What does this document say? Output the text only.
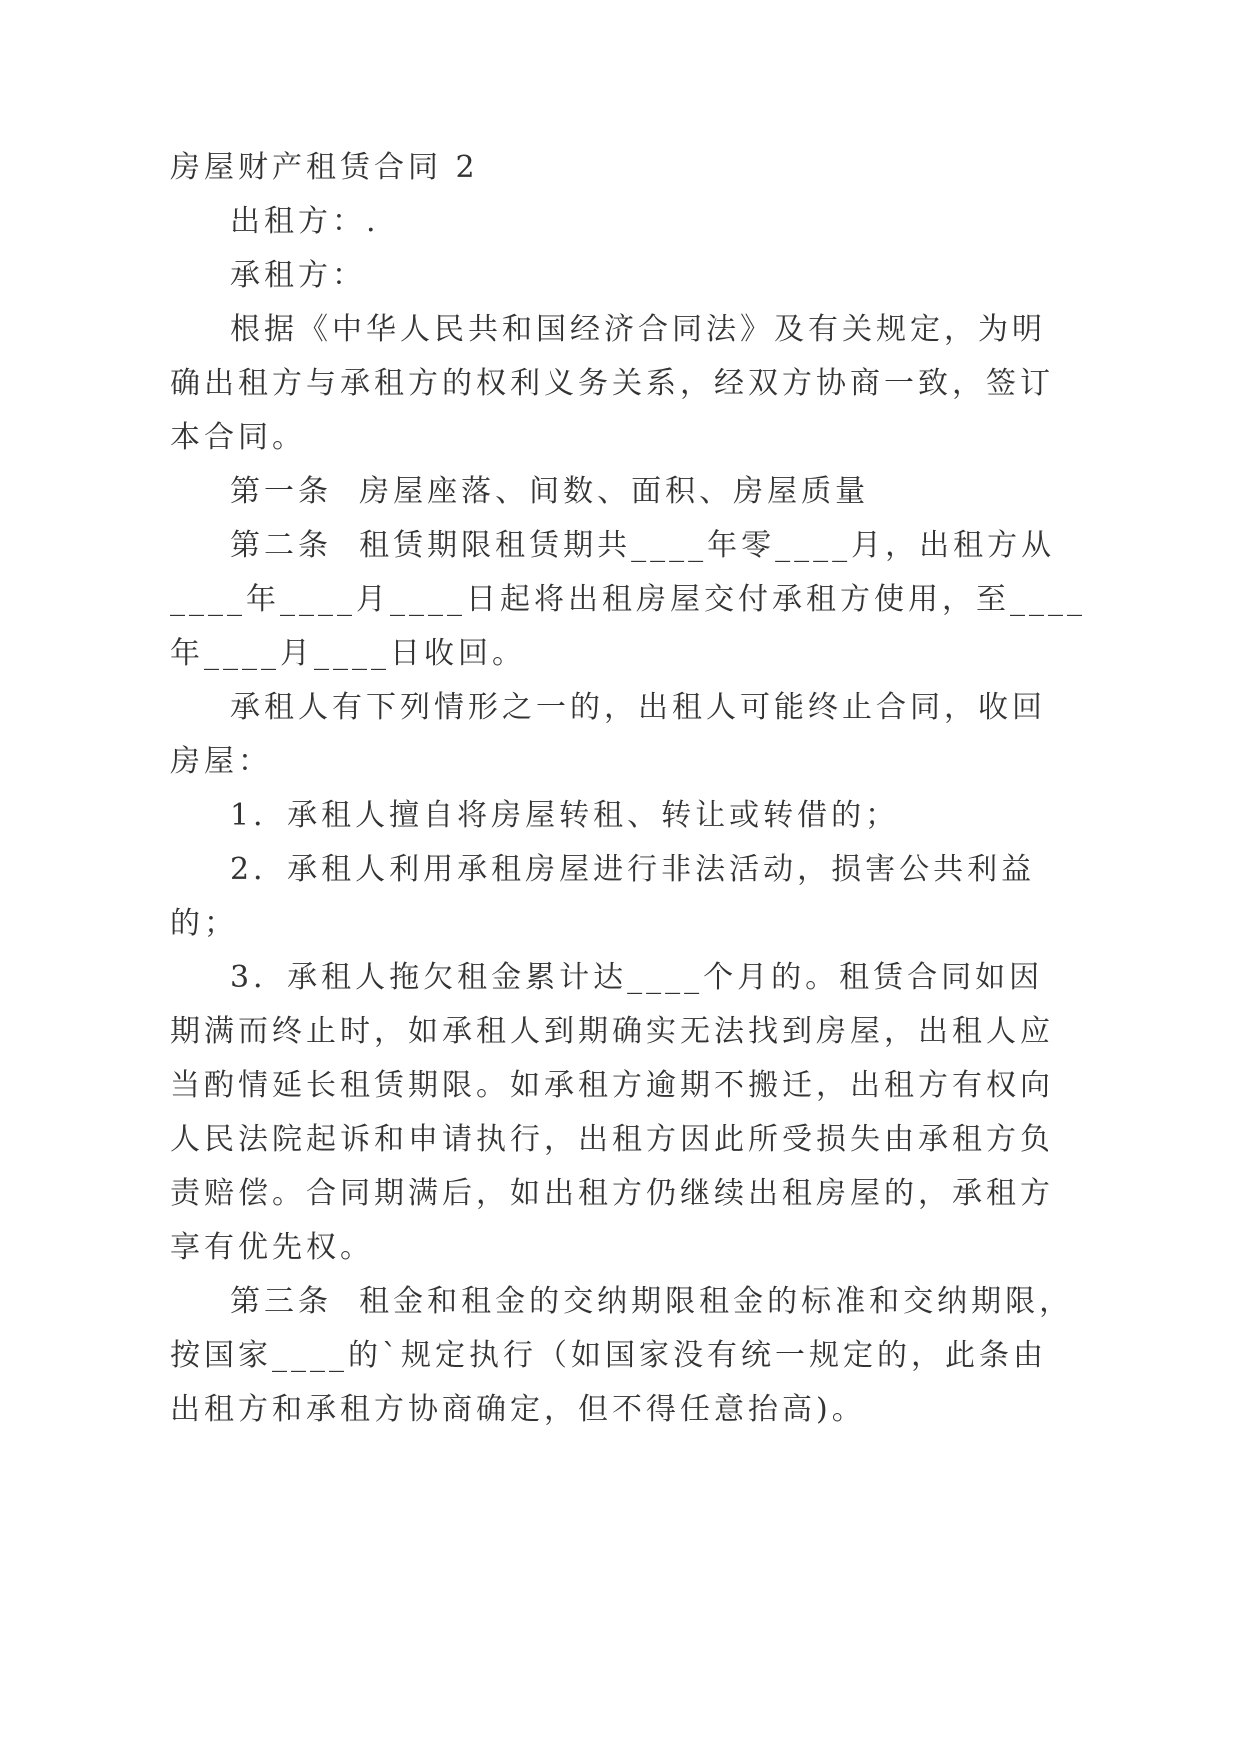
房屋财产租赁合同 2
出租方：.
承租方：
根据《中华人民共和国经济合同法》及有关规定，为明
确出租方与承租方的权利义务关系，经双方协商一致，签订
本合同。
第一条  房屋座落、间数、面积、房屋质量
第二条  租赁期限租赁期共____年零____月，出租方从
____年____月____日起将出租房屋交付承租方使用，至____
年____月____日收回。
承租人有下列情形之一的，出租人可能终止合同，收回
房屋：
1．承租人擅自将房屋转租、转让或转借的；
2．承租人利用承租房屋进行非法活动，损害公共利益
的；
3．承租人拖欠租金累计达____个月的。租赁合同如因
期满而终止时，如承租人到期确实无法找到房屋，出租人应
当酌情延长租赁期限。如承租方逾期不搬迁，出租方有权向
人民法院起诉和申请执行，出租方因此所受损失由承租方负
责赔偿。合同期满后，如出租方仍继续出租房屋的，承租方
享有优先权。
第三条  租金和租金的交纳期限租金的标准和交纳期限，
按国家____的`规定执行（如国家没有统一规定的，此条由
出租方和承租方协商确定，但不得任意抬高)。
